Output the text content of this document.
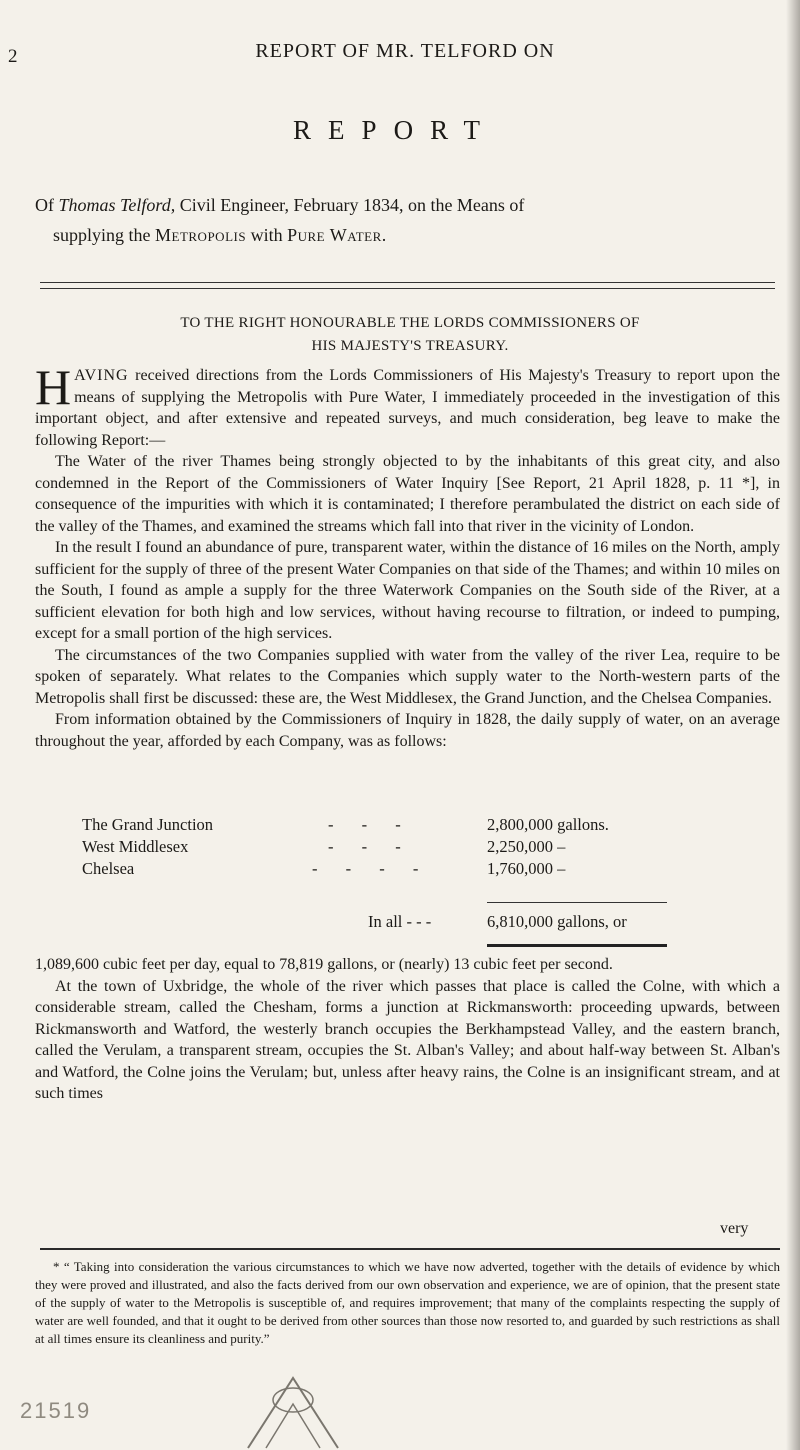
2	REPORT OF MR. TELFORD ON
REPORT
Of Thomas Telford, Civil Engineer, February 1834, on the Means of
supplying the Metropolis with Pure Water.
TO THE RIGHT HONOURABLE THE LORDS COMMISSIONERS OF
HIS MAJESTY'S TREASURY.

HAVING received directions from the Lords Commissioners of His Majesty's Treasury to report upon the means of supplying the Metropolis with Pure Water, I immediately proceeded in the investigation of this important object, and after extensive and repeated surveys, and much consideration, beg leave to make the following Report:—

The Water of the river Thames being strongly objected to by the inhabitants of this great city, and also condemned in the Report of the Commissioners of Water Inquiry [See Report, 21 April 1828, p. 11 *], in consequence of the impurities with which it is contaminated; I therefore perambulated the district on each side of the valley of the Thames, and examined the streams which fall into that river in the vicinity of London.

In the result I found an abundance of pure, transparent water, within the distance of 16 miles on the North, amply sufficient for the supply of three of the present Water Companies on that side of the Thames; and within 10 miles on the South, I found as ample a supply for the three Waterwork Companies on the South side of the River, at a sufficient elevation for both high and low services, without having recourse to filtration, or indeed to pumping, except for a small portion of the high services.

The circumstances of the two Companies supplied with water from the valley of the river Lea, require to be spoken of separately. What relates to the Companies which supply water to the North-western parts of the Metropolis shall first be discussed: these are, the West Middlesex, the Grand Junction, and the Chelsea Companies.

From information obtained by the Commissioners of Inquiry in 1828, the daily supply of water, on an average throughout the year, afforded by each Company, was as follows:

The Grand Junction	- - -	2,800,000 gallons.
West Middlesex	- - -	2,250,000 –
Chelsea	- - - -	1,760,000 –
In all - - -	6,810,000 gallons, or

1,089,600 cubic feet per day, equal to 78,819 gallons, or (nearly) 13 cubic feet per second.

At the town of Uxbridge, the whole of the river which passes that place is called the Colne, with which a considerable stream, called the Chesham, forms a junction at Rickmansworth: proceeding upwards, between Rickmansworth and Watford, the westerly branch occupies the Berkhampstead Valley, and the eastern branch, called the Verulam, a transparent stream, occupies the St. Alban's Valley; and about half-way between St. Alban's and Watford, the Colne joins the Verulam; but, unless after heavy rains, the Colne is an insignificant stream, and at such times

very

* “ Taking into consideration the various circumstances to which we have now adverted, together with the details of evidence by which they were proved and illustrated, and also the facts derived from our own observation and experience, we are of opinion, that the present state of the supply of water to the Metropolis is susceptible of, and requires improvement; that many of the complaints respecting the supply of water are well founded, and that it ought to be derived from other sources than those now resorted to, and guarded by such restrictions as shall at all times ensure its cleanliness and purity.”

21519
